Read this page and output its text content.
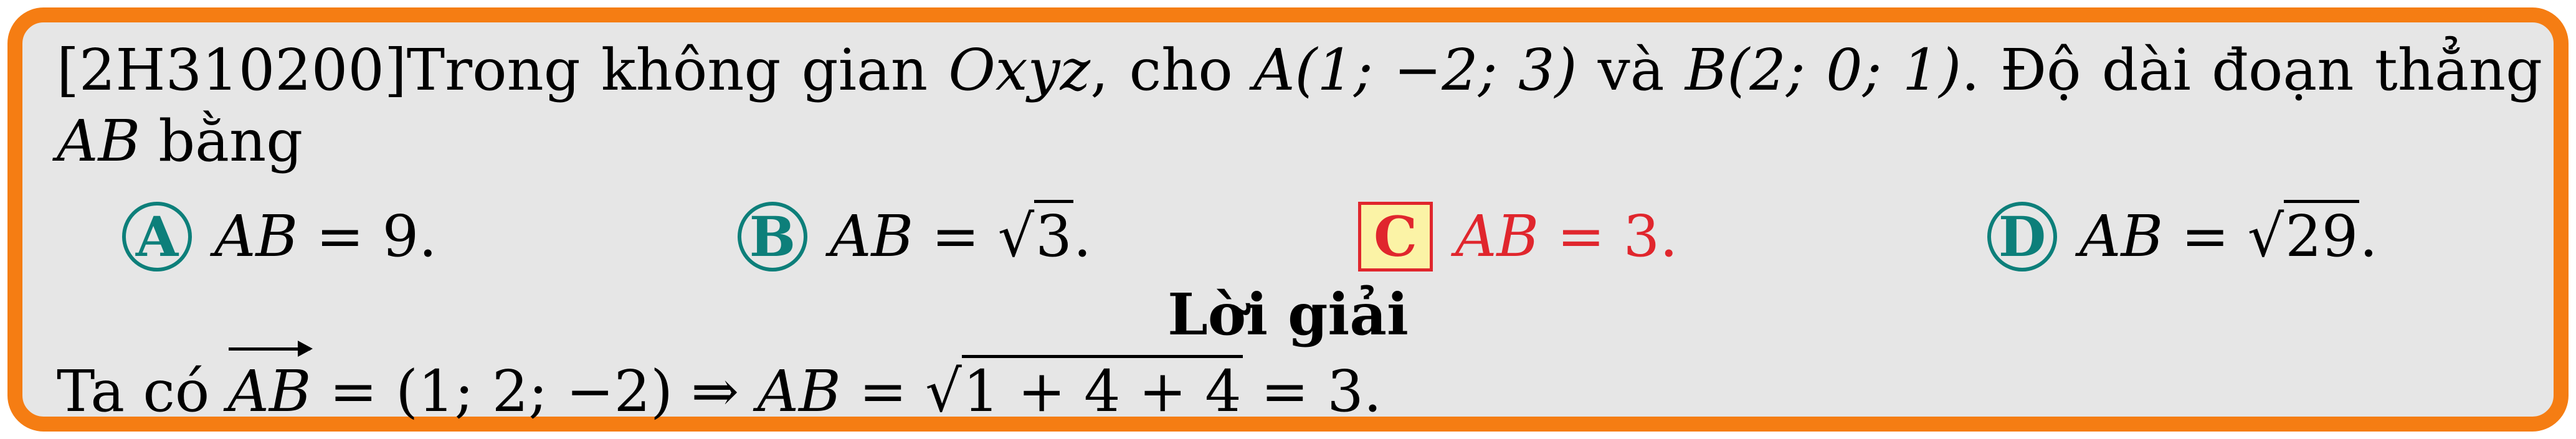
[2H310200]Trong không gian Oxyz, cho A(1; −2; 3) và B(2; 0; 1). Độ dài đoạn thẳng AB bằng
A AB = 9 .	B AB = √3 .	C AB = 3 .	D AB = √29 .
Lời giải
Ta có
AB = (1; 2; −2) ⇒ AB = √1 + 4 + 4 = 3.
